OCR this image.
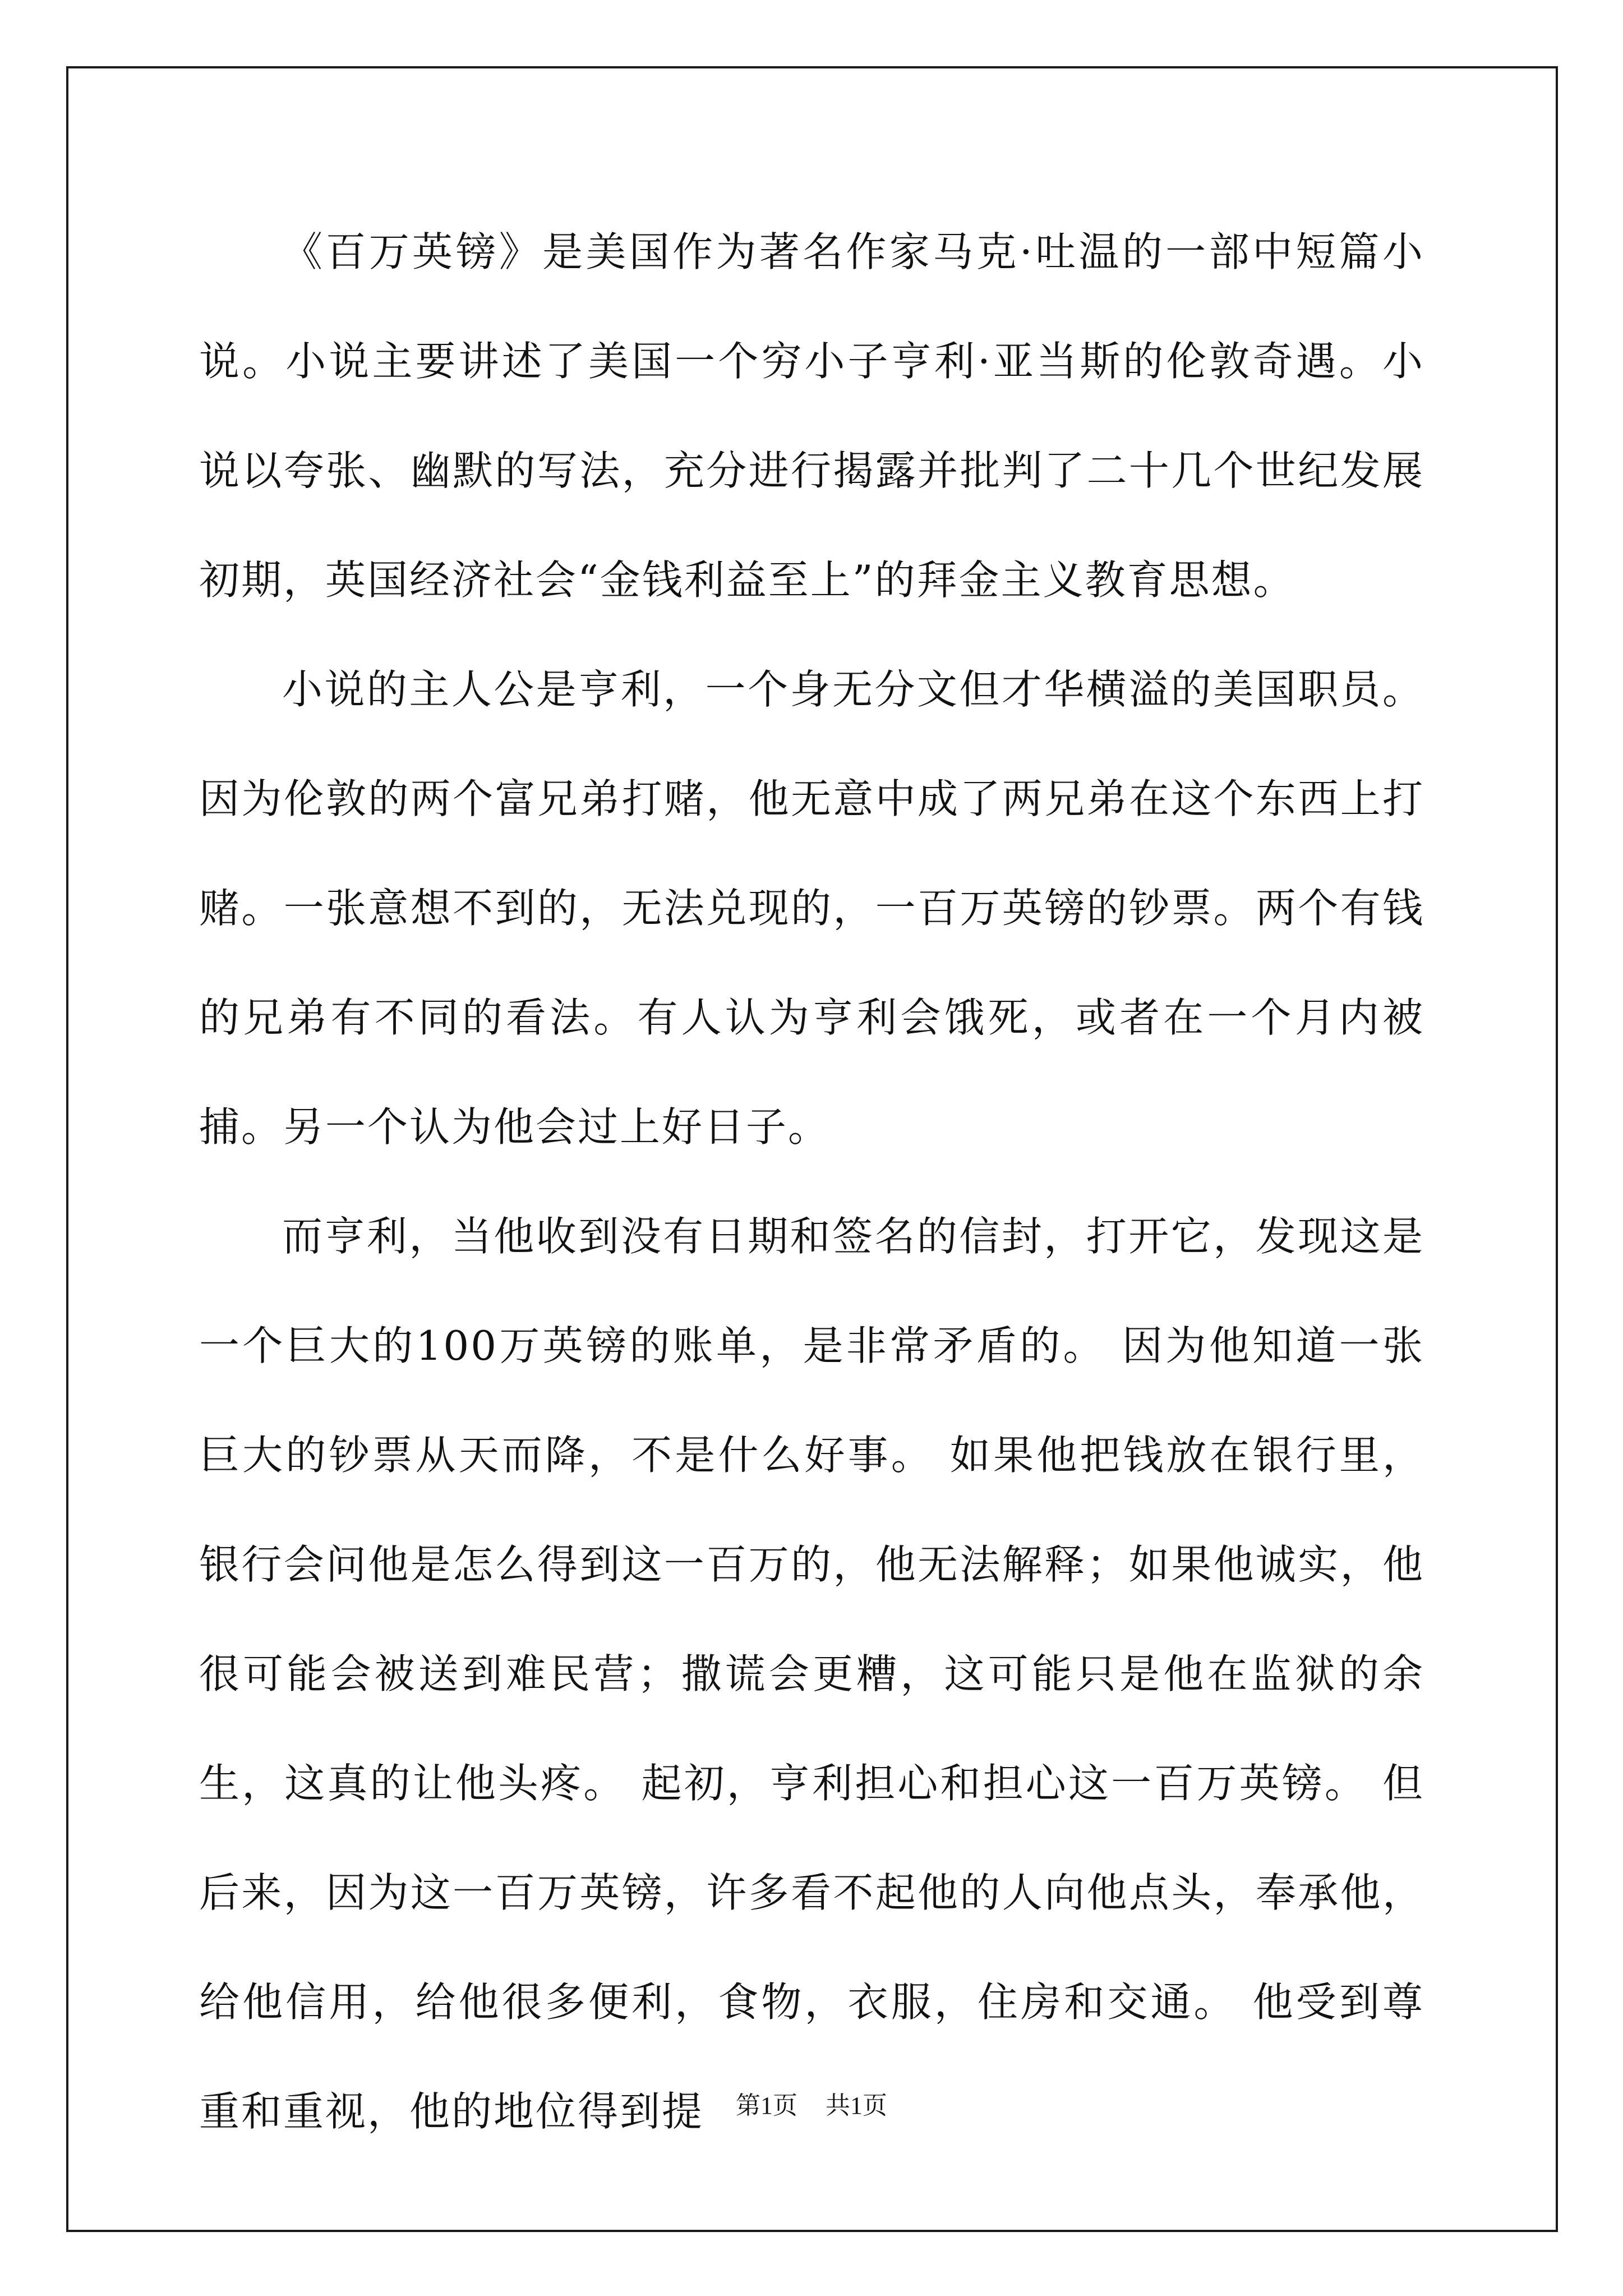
《百万英镑》是美国作为著名作家马克·吐温的一部中短篇小说。小说主要讲述了美国一个穷小子亨利·亚当斯的伦敦奇遇。小说以夸张、幽默的写法，充分进行揭露并批判了二十几个世纪发展初期，英国经济社会“金钱利益至上”的拜金主义教育思想。

小说的主人公是亨利，一个身无分文但才华横溢的美国职员。因为伦敦的两个富兄弟打赌，他无意中成了两兄弟在这个东西上打赌。一张意想不到的，无法兑现的，一百万英镑的钞票。两个有钱的兄弟有不同的看法。有人认为亨利会饿死，或者在一个月内被捕。另一个认为他会过上好日子。

而亨利，当他收到没有日期和签名的信封，打开它，发现这是一个巨大的100万英镑的账单，是非常矛盾的。 因为他知道一张巨大的钞票从天而降，不是什么好事。 如果他把钱放在银行里，银行会问他是怎么得到这一百万的，他无法解释；如果他诚实，他很可能会被送到难民营；撒谎会更糟，这可能只是他在监狱的余生，这真的让他头疼。 起初，亨利担心和担心这一百万英镑。 但后来，因为这一百万英镑，许多看不起他的人向他点头，奉承他，给他信用，给他很多便利，食物，衣服，住房和交通。 他受到尊重和重视，他的地位得到提	第1页 共1页
